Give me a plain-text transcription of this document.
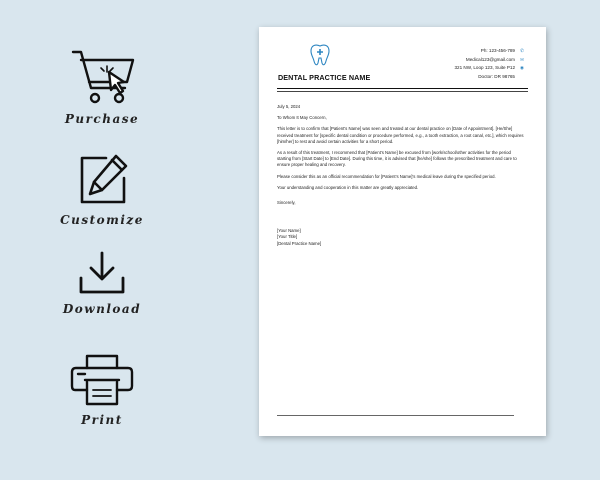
Purchase
Customize
Download
Print
DENTAL PRACTICE NAME
Ph: 123-456-789 ✆
Medical123@gmail.com ✉
321 NW, Loop 123, Suite P12 ◉
Doctor: DR 98765

July 5, 2024

To Whom It May Concern,

This letter is to confirm that [Patient's Name] was seen and treated at our dental practice on [Date of Appointment]. [He/She] received treatment for [specific dental condition or procedure performed, e.g., a tooth extraction, a root canal, etc.], which requires [him/her] to rest and avoid certain activities for a short period.

As a result of this treatment, I recommend that [Patient's Name] be excused from [work/school/other activities for the period starting from [Start Date] to [End Date]. During this time, it is advised that [he/she] follows the prescribed treatment and care to ensure proper healing and recovery.

Please consider this as an official recommendation for [Patient's Name]'s medical leave during the specified period.

Your understanding and cooperation in this matter are greatly appreciated.

Sincerely,

[Your Name]
[Your Title]
[Dental Practice Name]
